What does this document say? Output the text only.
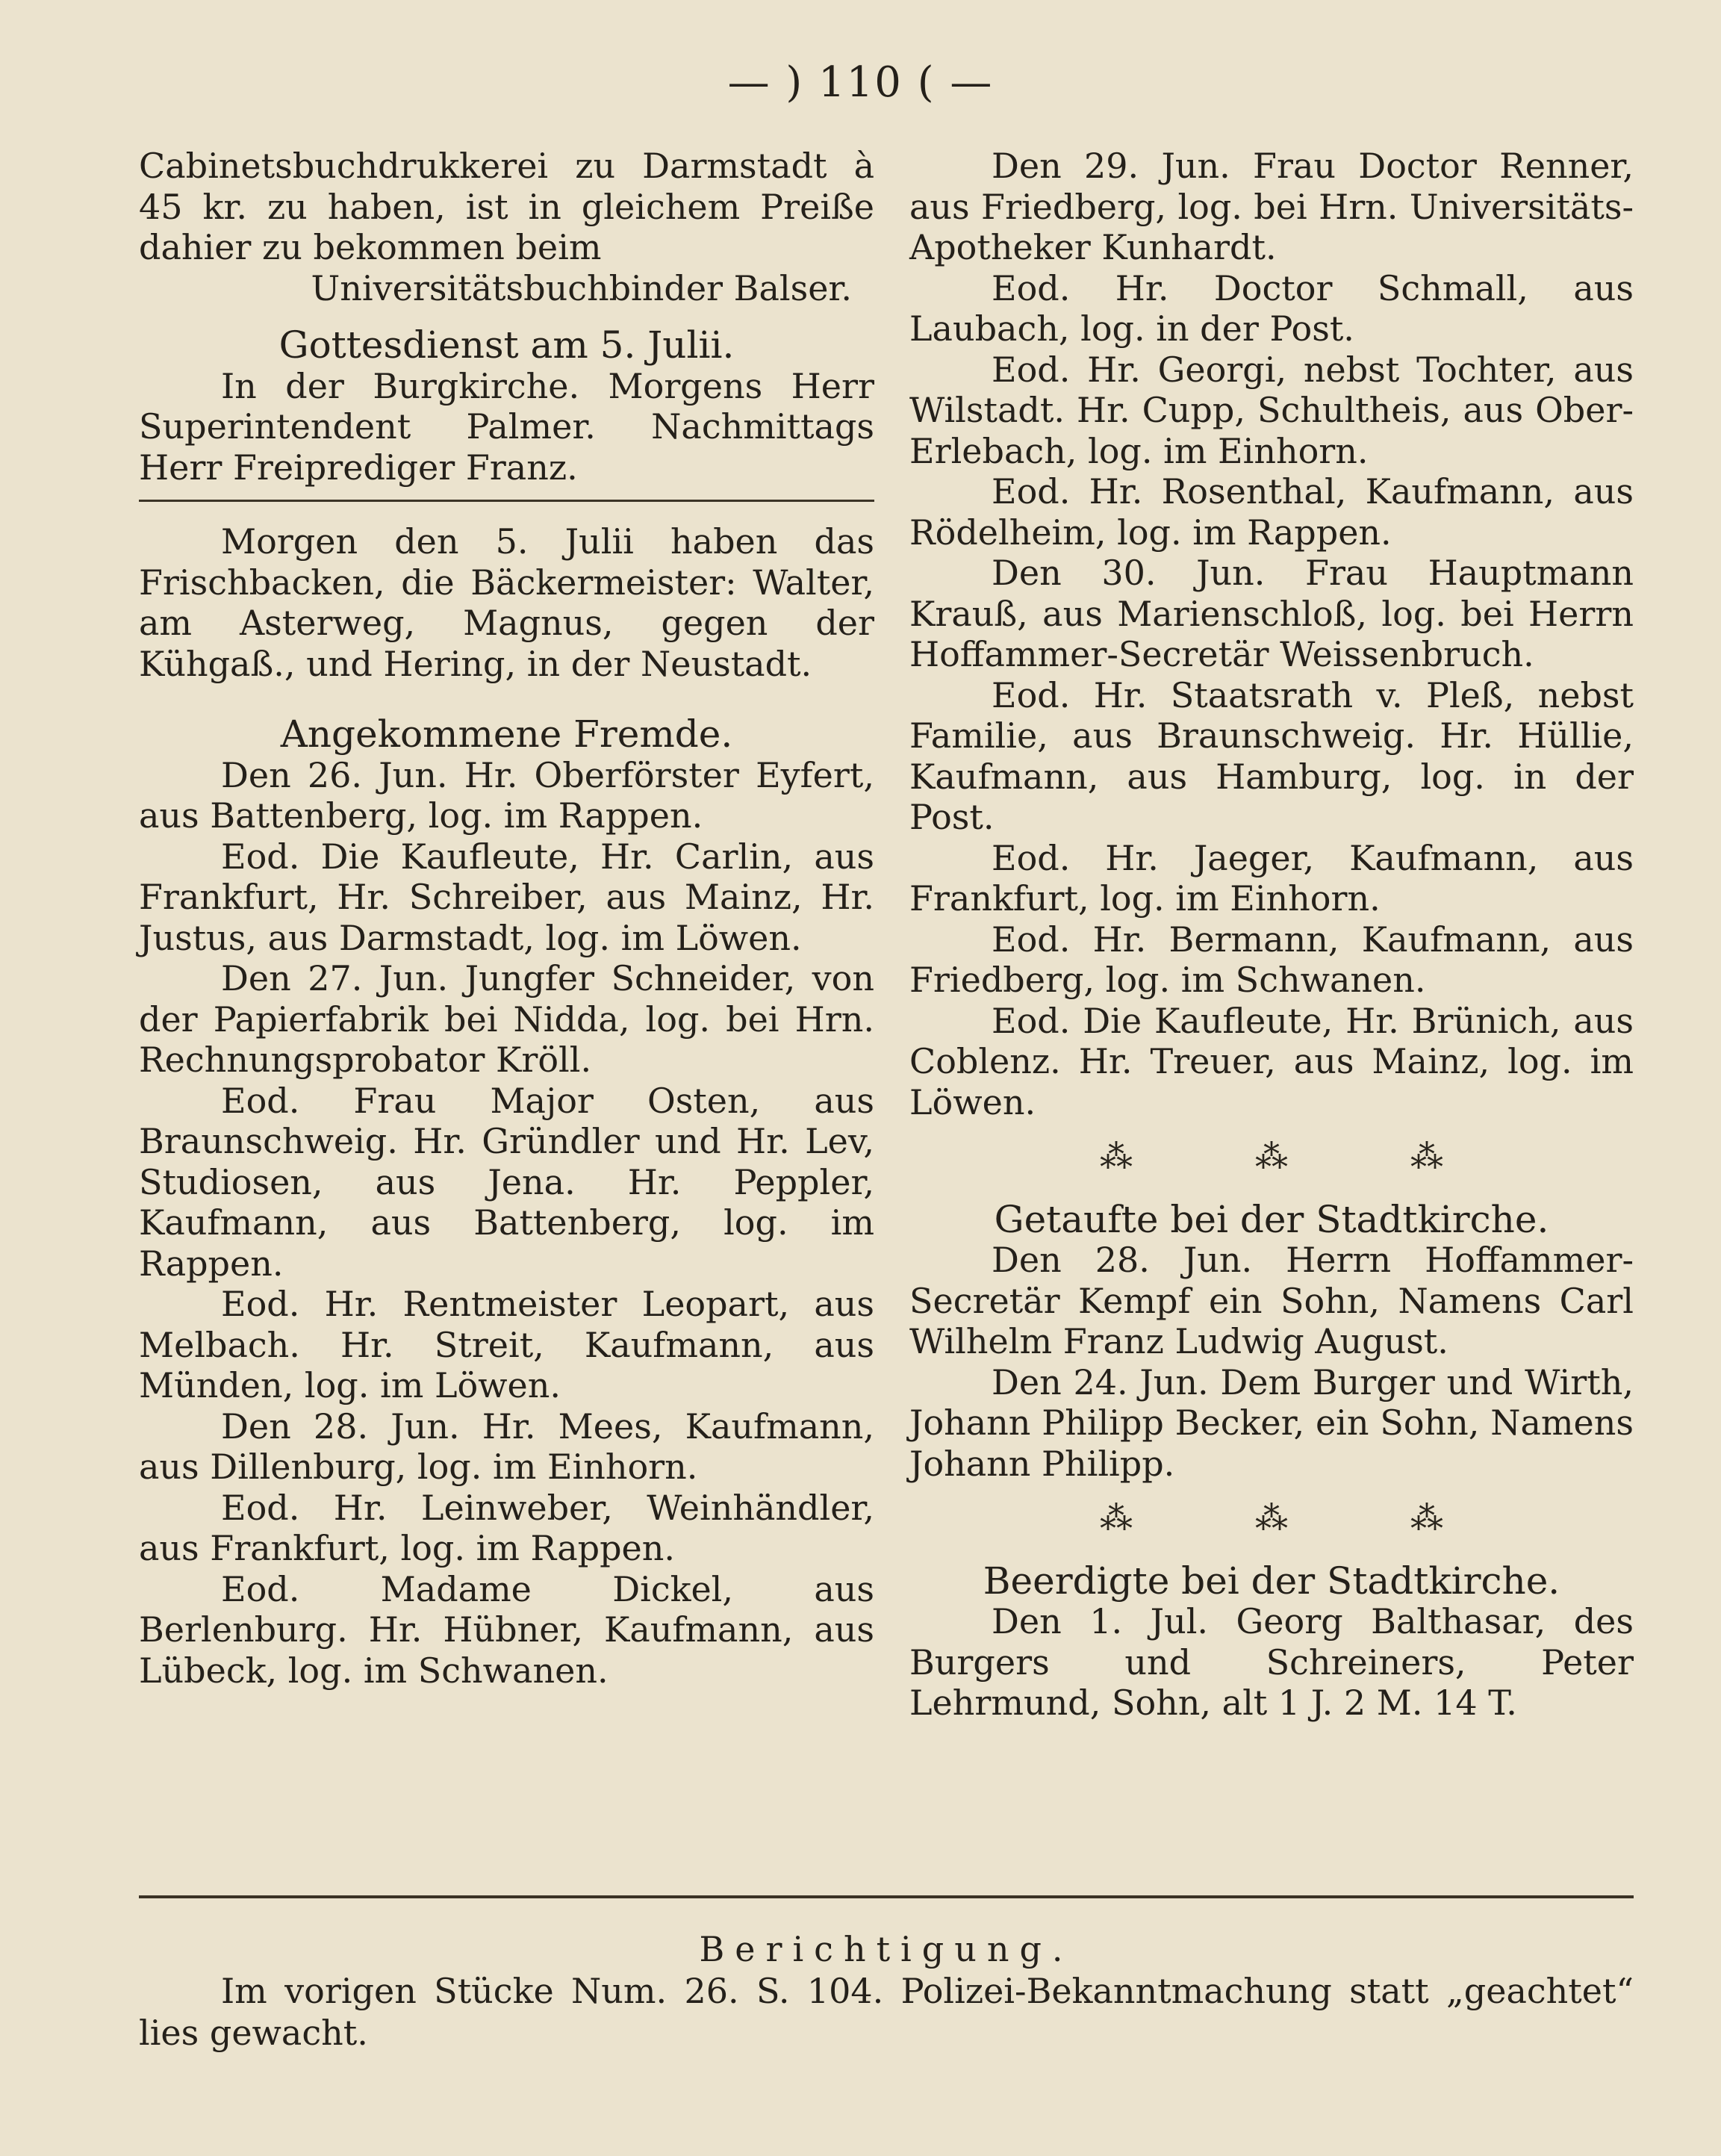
— ) 110 ( —

Cabinetsbuchdrukkerei zu Darmstadt à 45 kr. zu haben, ist in gleichem Preiße dahier zu bekommen beim

Universitätsbuchbinder Balser.

Gottesdienst am 5. Julii.

In der Burgkirche. Morgens Herr Superintendent Palmer. Nachmittags Herr Freiprediger Franz.

Morgen den 5. Julii haben das Frischbacken, die Bäckermeister: Walter, am Asterweg, Magnus, gegen der Kühgaß., und Hering, in der Neustadt.

Angekommene Fremde.

Den 26. Jun. Hr. Oberförster Eyfert, aus Battenberg, log. im Rappen.

Eod. Die Kaufleute, Hr. Carlin, aus Frankfurt, Hr. Schreiber, aus Mainz, Hr. Justus, aus Darmstadt, log. im Löwen.

Den 27. Jun. Jungfer Schneider, von der Papierfabrik bei Nidda, log. bei Hrn. Rechnungsprobator Kröll.

Eod. Frau Major Osten, aus Braunschweig. Hr. Gründler und Hr. Lev, Studiosen, aus Jena. Hr. Peppler, Kaufmann, aus Battenberg, log. im Rappen.

Eod. Hr. Rentmeister Leopart, aus Melbach. Hr. Streit, Kaufmann, aus Münden, log. im Löwen.

Den 28. Jun. Hr. Mees, Kaufmann, aus Dillenburg, log. im Einhorn.

Eod. Hr. Leinweber, Weinhändler, aus Frankfurt, log. im Rappen.

Eod. Madame Dickel, aus Berlenburg. Hr. Hübner, Kaufmann, aus Lübeck, log. im Schwanen.

Den 29. Jun. Frau Doctor Renner, aus Friedberg, log. bei Hrn. Universitäts-Apotheker Kunhardt.

Eod. Hr. Doctor Schmall, aus Laubach, log. in der Post.

Eod. Hr. Georgi, nebst Tochter, aus Wilstadt. Hr. Cupp, Schultheis, aus Ober-Erlebach, log. im Einhorn.

Eod. Hr. Rosenthal, Kaufmann, aus Rödelheim, log. im Rappen.

Den 30. Jun. Frau Hauptmann Krauß, aus Marienschloß, log. bei Herrn Hoffammer-Secretär Weissenbruch.

Eod. Hr. Staatsrath v. Pleß, nebst Familie, aus Braunschweig. Hr. Hüllie, Kaufmann, aus Hamburg, log. in der Post.

Eod. Hr. Jaeger, Kaufmann, aus Frankfurt, log. im Einhorn.

Eod. Hr. Bermann, Kaufmann, aus Friedberg, log. im Schwanen.

Eod. Die Kaufleute, Hr. Brünich, aus Coblenz. Hr. Treuer, aus Mainz, log. im Löwen.

⁂ ⁂ ⁂

Getaufte bei der Stadtkirche.

Den 28. Jun. Herrn Hoffammer-Secretär Kempf ein Sohn, Namens Carl Wilhelm Franz Ludwig August.

Den 24. Jun. Dem Burger und Wirth, Johann Philipp Becker, ein Sohn, Namens Johann Philipp.

⁂ ⁂ ⁂

Beerdigte bei der Stadtkirche.

Den 1. Jul. Georg Balthasar, des Burgers und Schreiners, Peter Lehrmund, Sohn, alt 1 J. 2 M. 14 T.

Berichtigung.

Im vorigen Stücke Num. 26. S. 104. Polizei-Bekanntmachung statt „geachtet“ lies gewacht.
